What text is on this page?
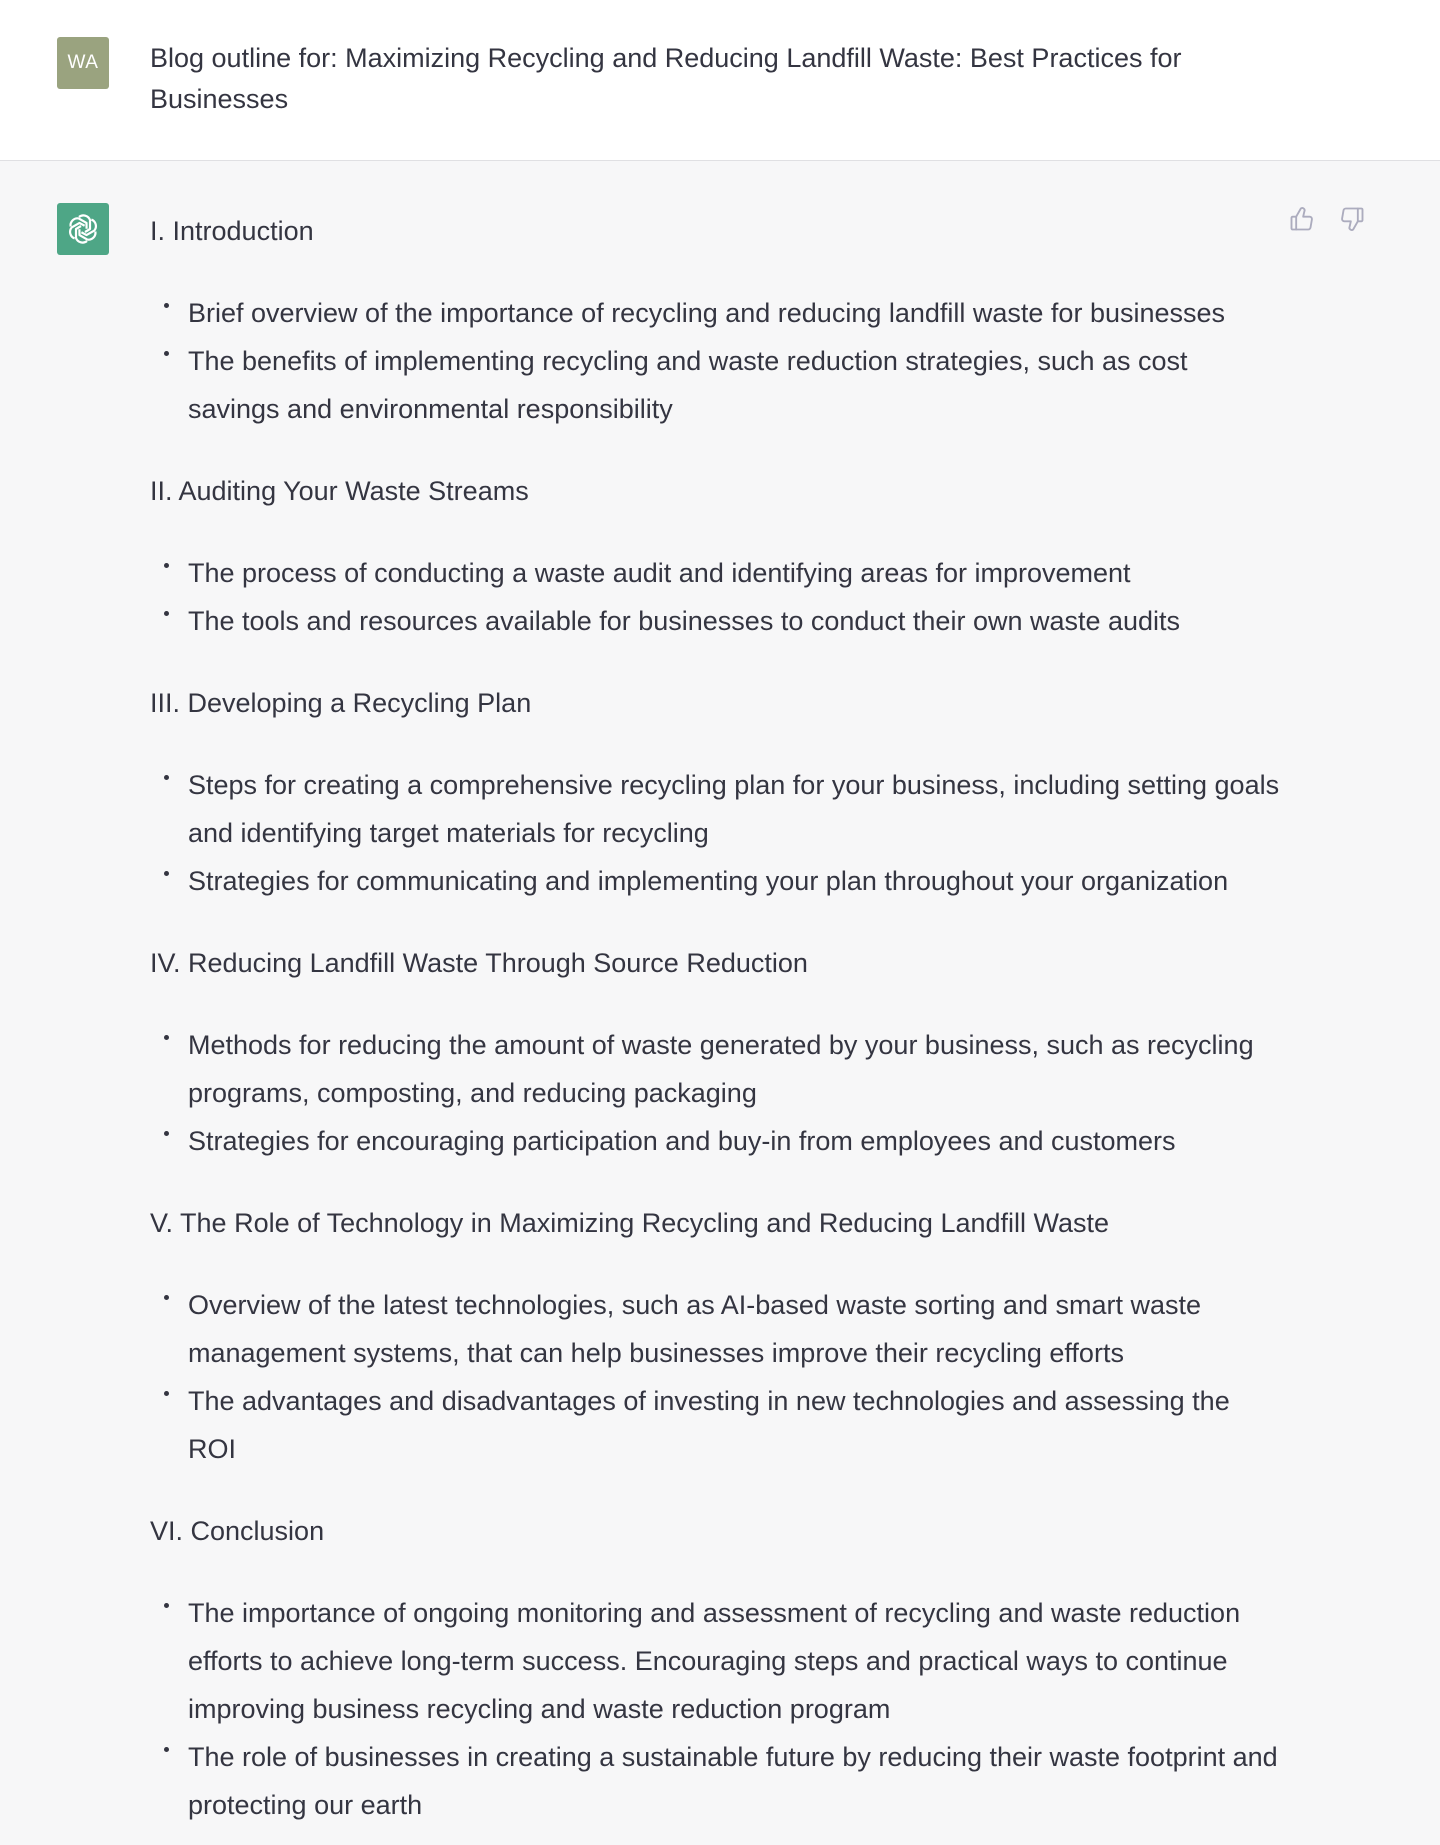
WA Blog outline for: Maximizing Recycling and Reducing Landfill Waste: Best Practices for Businesses
I. Introduction
Brief overview of the importance of recycling and reducing landfill waste for businesses
The benefits of implementing recycling and waste reduction strategies, such as cost savings and environmental responsibility
II. Auditing Your Waste Streams
The process of conducting a waste audit and identifying areas for improvement
The tools and resources available for businesses to conduct their own waste audits
III. Developing a Recycling Plan
Steps for creating a comprehensive recycling plan for your business, including setting goals and identifying target materials for recycling
Strategies for communicating and implementing your plan throughout your organization
IV. Reducing Landfill Waste Through Source Reduction
Methods for reducing the amount of waste generated by your business, such as recycling programs, composting, and reducing packaging
Strategies for encouraging participation and buy-in from employees and customers
V. The Role of Technology in Maximizing Recycling and Reducing Landfill Waste
Overview of the latest technologies, such as AI-based waste sorting and smart waste management systems, that can help businesses improve their recycling efforts
The advantages and disadvantages of investing in new technologies and assessing the ROI
VI. Conclusion
The importance of ongoing monitoring and assessment of recycling and waste reduction efforts to achieve long-term success. Encouraging steps and practical ways to continue improving business recycling and waste reduction program
The role of businesses in creating a sustainable future by reducing their waste footprint and protecting our earth
